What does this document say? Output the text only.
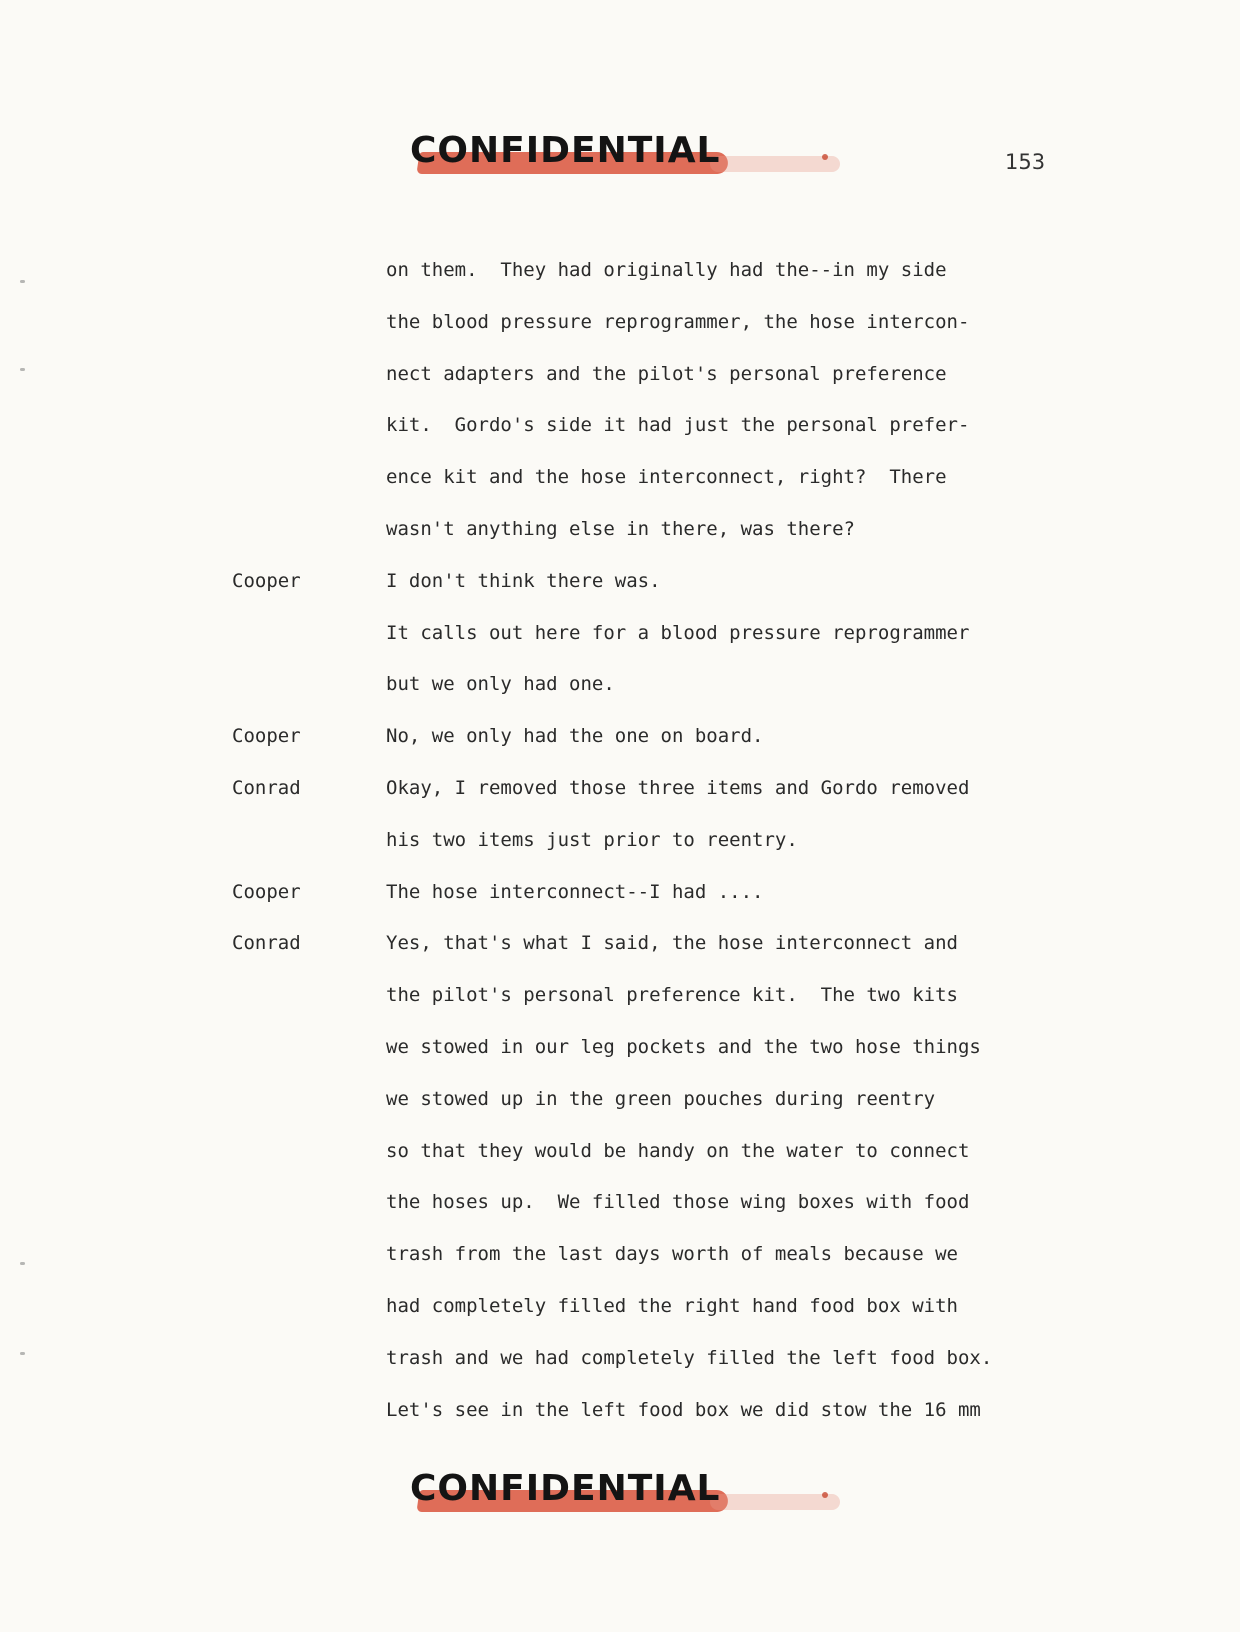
CONFIDENTIAL	153
on them.  They had originally had the--in my side
the blood pressure reprogrammer, the hose intercon-
nect adapters and the pilot's personal preference
kit.  Gordo's side it had just the personal prefer-
ence kit and the hose interconnect, right?  There
wasn't anything else in there, was there?
Cooper	I don't think there was.
It calls out here for a blood pressure reprogrammer
but we only had one.
Cooper	No, we only had the one on board.
Conrad	Okay, I removed those three items and Gordo removed
his two items just prior to reentry.
Cooper	The hose interconnect--I had ....
Conrad	Yes, that's what I said, the hose interconnect and
the pilot's personal preference kit.  The two kits
we stowed in our leg pockets and the two hose things
we stowed up in the green pouches during reentry
so that they would be handy on the water to connect
the hoses up.  We filled those wing boxes with food
trash from the last days worth of meals because we
had completely filled the right hand food box with
trash and we had completely filled the left food box.
Let's see in the left food box we did stow the 16 mm
CONFIDENTIAL
